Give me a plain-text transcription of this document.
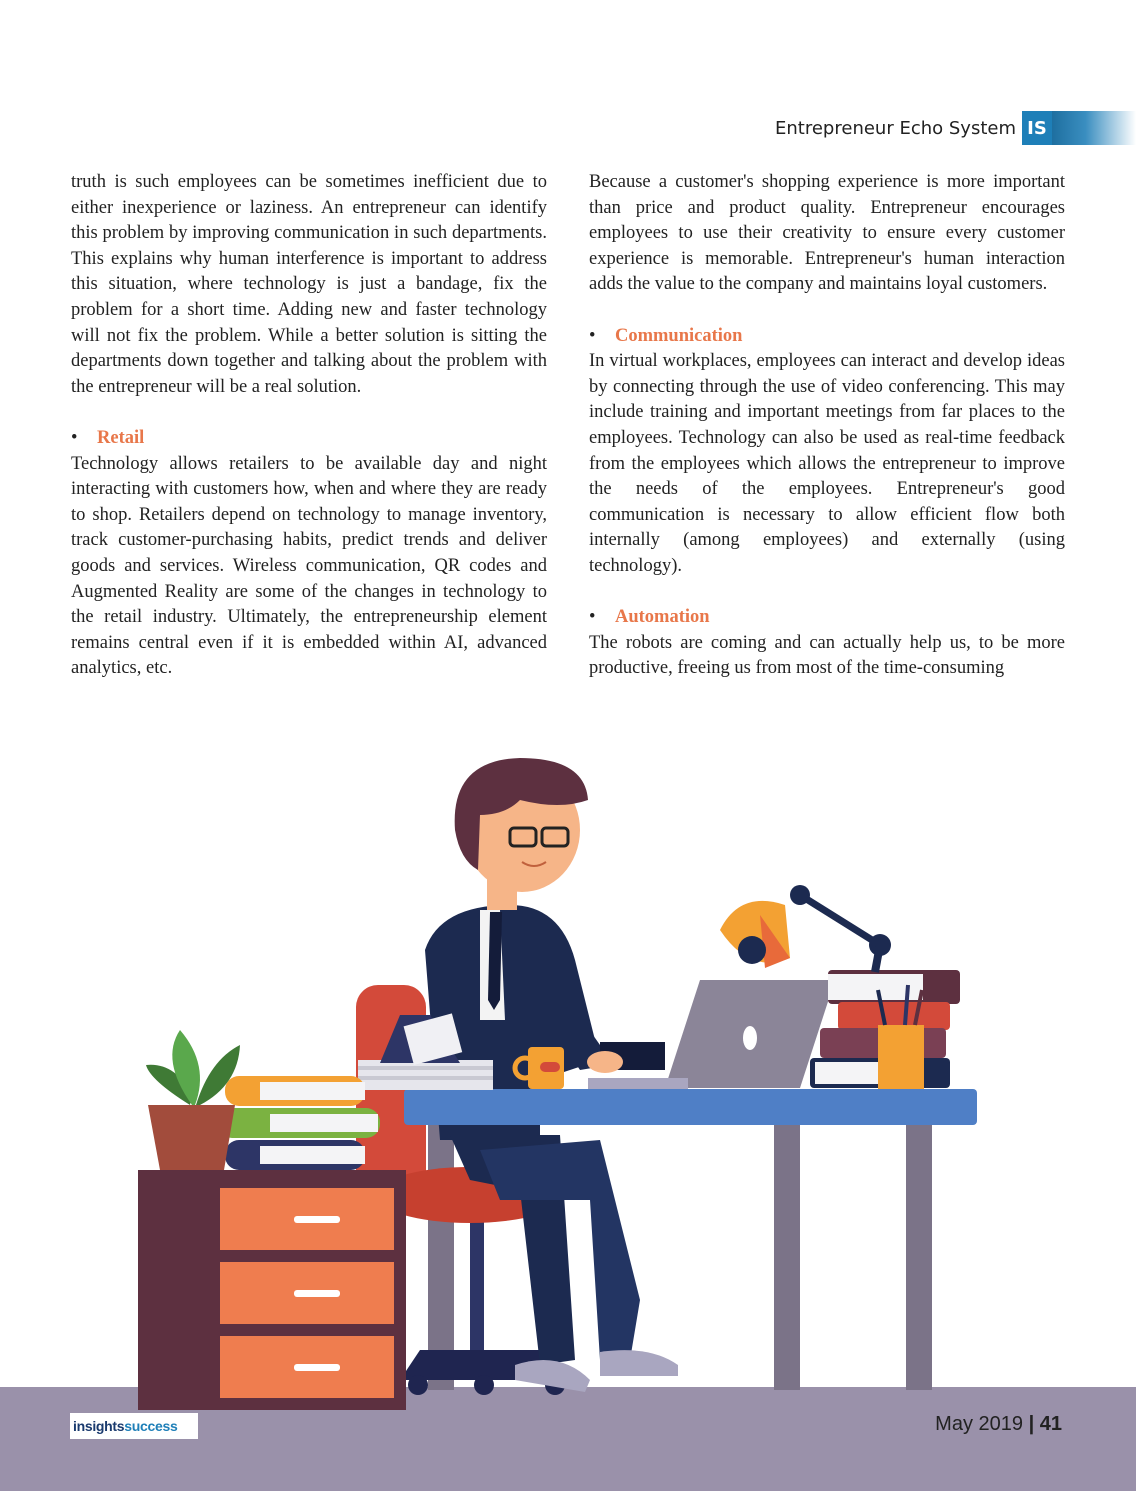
Entrepreneur Echo System IS

truth is such employees can be sometimes inefficient due to either inexperience or laziness. An entrepreneur can identify this problem by improving communication in such departments. This explains why human interference is important to address this situation, where technology is just a bandage, fix the problem for a short time. Adding new and faster technology will not fix the problem. While a better solution is sitting the departments down together and talking about the problem with the entrepreneur will be a real solution.

• Retail

Technology allows retailers to be available day and night interacting with customers how, when and where they are ready to shop. Retailers depend on technology to manage inventory, track customer-purchasing habits, predict trends and deliver goods and services. Wireless communication, QR codes and Augmented Reality are some of the changes in technology to the retail industry. Ultimately, the entrepreneurship element remains central even if it is embedded within AI, advanced analytics, etc.

Because a customer's shopping experience is more important than price and product quality. Entrepreneur encourages employees to use their creativity to ensure every customer experience is memorable. Entrepreneur's human interaction adds the value to the company and maintains loyal customers.

• Communication

In virtual workplaces, employees can interact and develop ideas by connecting through the use of video conferencing. This may include training and important meetings from far places to the employees. Technology can also be used as real-time feedback from the employees which allows the entrepreneur to improve the needs of the employees. Entrepreneur's good communication is necessary to allow efficient flow both internally (among employees) and externally (using technology).

• Automation

The robots are coming and can actually help us, to be more productive, freeing us from most of the time-consuming

insightssuccess	May 2019 | 41
